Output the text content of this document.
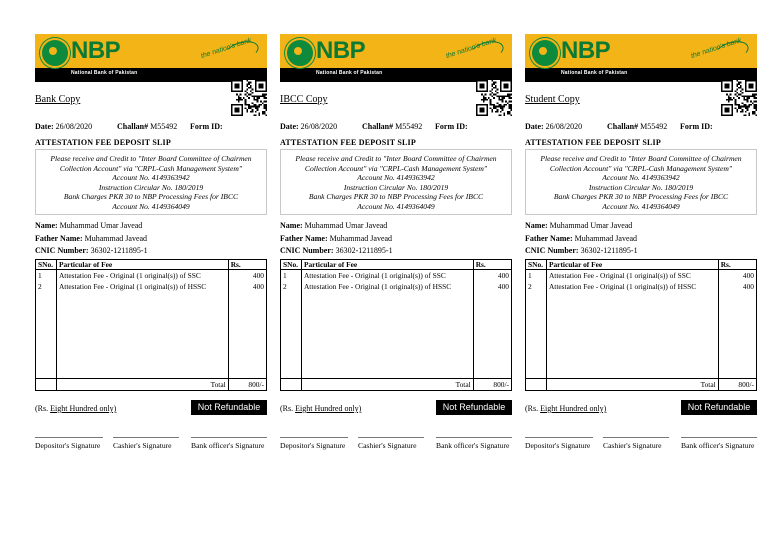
NBP	the nation's bank
National Bank of Pakistan
Bank Copy
Date: 26/08/2020	Challan# M55492 Form ID:
ATTESTATION FEE DEPOSIT SLIP
Please receive and Credit to "Inter Board Committee of Chairmen
Collection Account" via "CRPL-Cash Management System"
Account No. 4149363942
Instruction Circular No. 180/2019
Bank Charges PKR 30 to NBP Processing Fees for IBCC
Account No. 4149364049
Name: Muhammad Umar Javead
Father Name: Muhammad Javead
CNIC Number: 36302-1211895-1
SNo.	Particular of Fee	Rs.
1	Attestation Fee - Original (1 original(s)) of SSC	400
2	Attestation Fee - Original (1 original(s)) of HSSC	400

	Total	800/-
(Rs. Eight Hundred only)	Not Refundable
Depositor's Signature Cashier's Signature	Bank officer's Signature
NBP	the nation's bank
National Bank of Pakistan
IBCC Copy
Date: 26/08/2020	Challan# M55492 Form ID:
ATTESTATION FEE DEPOSIT SLIP
Please receive and Credit to "Inter Board Committee of Chairmen
Collection Account" via "CRPL-Cash Management System"
Account No. 4149363942
Instruction Circular No. 180/2019
Bank Charges PKR 30 to NBP Processing Fees for IBCC
Account No. 4149364049
Name: Muhammad Umar Javead
Father Name: Muhammad Javead
CNIC Number: 36302-1211895-1
SNo.	Particular of Fee	Rs.
1	Attestation Fee - Original (1 original(s)) of SSC	400
2	Attestation Fee - Original (1 original(s)) of HSSC	400

	Total	800/-
(Rs. Eight Hundred only)	Not Refundable
Depositor's Signature Cashier's Signature	Bank officer's Signature
NBP	the nation's bank
National Bank of Pakistan
Student Copy
Date: 26/08/2020	Challan# M55492 Form ID:
ATTESTATION FEE DEPOSIT SLIP
Please receive and Credit to "Inter Board Committee of Chairmen
Collection Account" via "CRPL-Cash Management System"
Account No. 4149363942
Instruction Circular No. 180/2019
Bank Charges PKR 30 to NBP Processing Fees for IBCC
Account No. 4149364049
Name: Muhammad Umar Javead
Father Name: Muhammad Javead
CNIC Number: 36302-1211895-1
SNo.	Particular of Fee	Rs.
1	Attestation Fee - Original (1 original(s)) of SSC	400
2	Attestation Fee - Original (1 original(s)) of HSSC	400

	Total	800/-
(Rs. Eight Hundred only)	Not Refundable
Depositor's Signature Cashier's Signature	Bank officer's Signature
